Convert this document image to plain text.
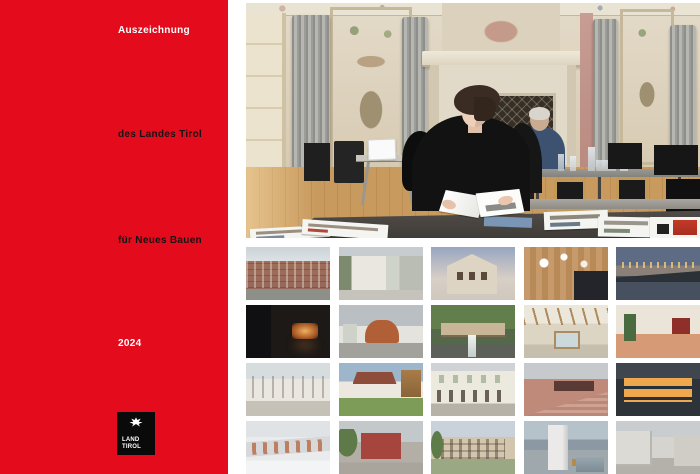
Auszeichnung
des Landes Tirol
für Neues Bauen
2024
LAND
TIROL
